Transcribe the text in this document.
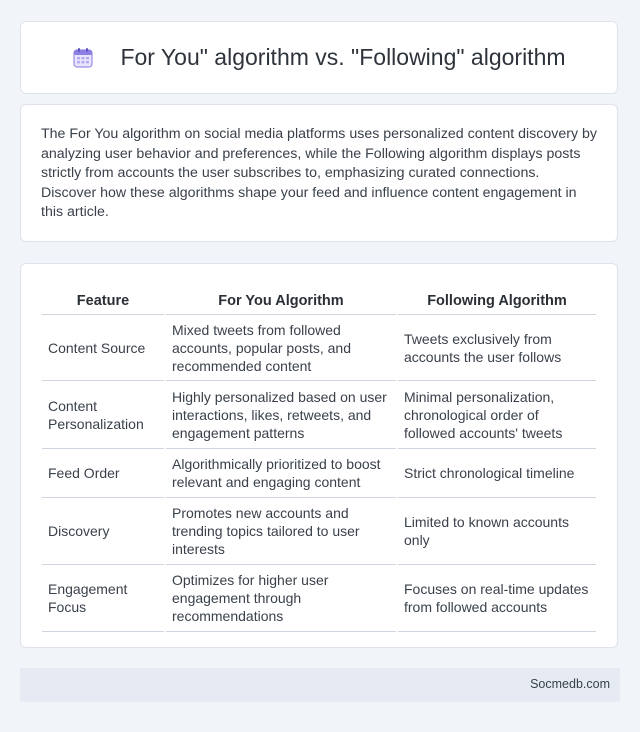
For You" algorithm vs. "Following" algorithm

The For You algorithm on social media platforms uses personalized content discovery by analyzing user behavior and preferences, while the Following algorithm displays posts strictly from accounts the user subscribes to, emphasizing curated connections. Discover how these algorithms shape your feed and influence content engagement in this article.

Feature	For You Algorithm	Following Algorithm
Content Source	Mixed tweets from followed accounts, popular posts, and recommended content	Tweets exclusively from accounts the user follows
Content Personalization	Highly personalized based on user interactions, likes, retweets, and engagement patterns	Minimal personalization, chronological order of followed accounts' tweets
Feed Order	Algorithmically prioritized to boost relevant and engaging content	Strict chronological timeline
Discovery	Promotes new accounts and trending topics tailored to user interests	Limited to known accounts only
Engagement Focus	Optimizes for higher user engagement through recommendations	Focuses on real-time updates from followed accounts
Socmedb.com
